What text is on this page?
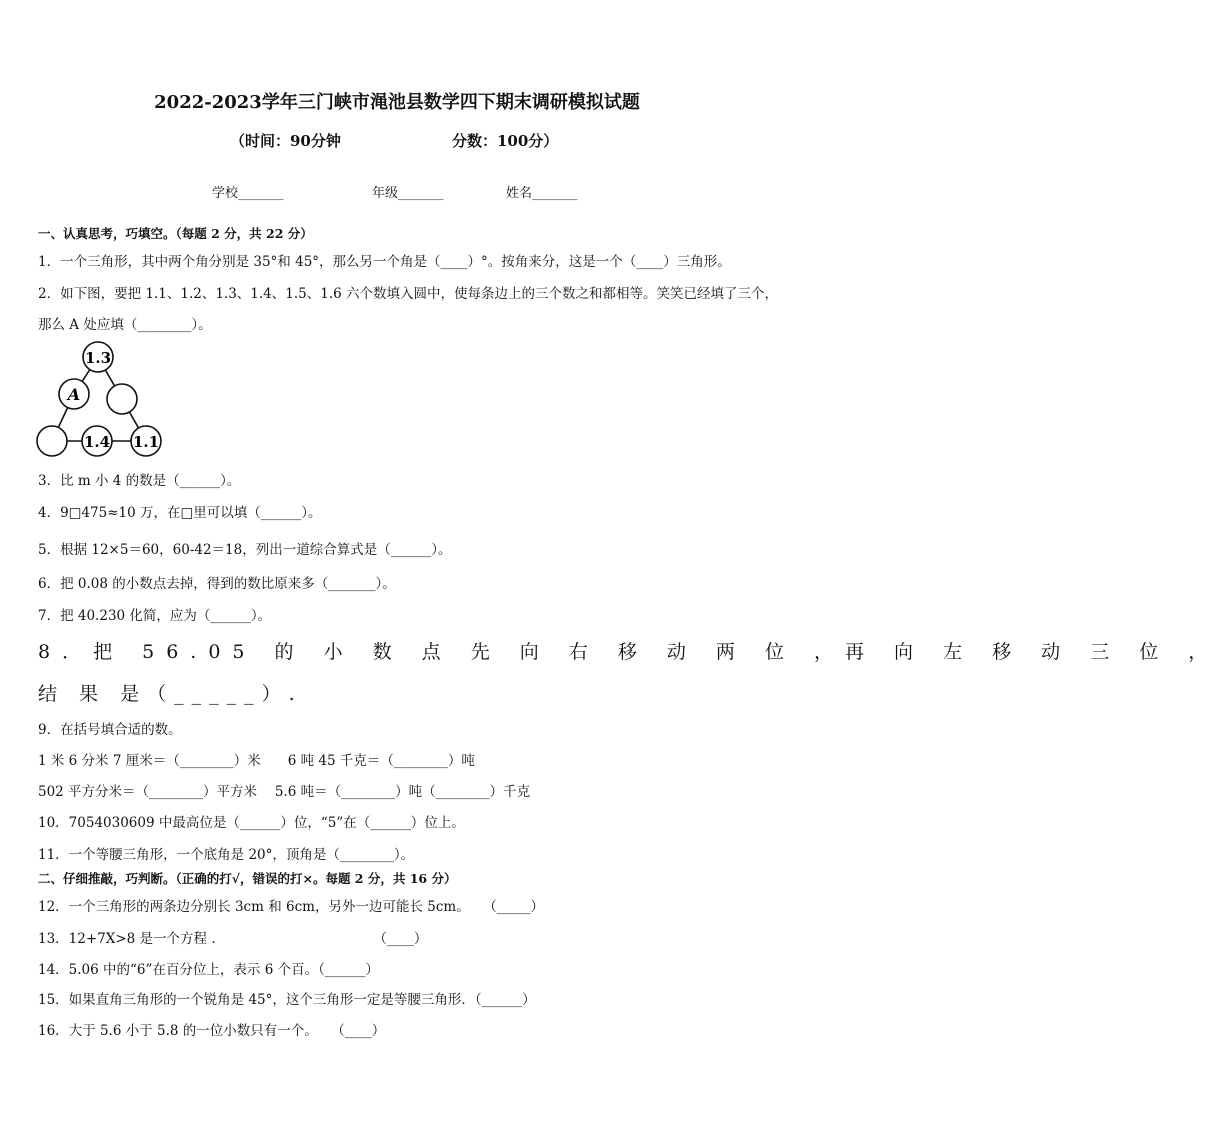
2022-2023学年三门峡市渑池县数学四下期末调研模拟试题
（时间：90分钟	分数：100分）
学校_______	年级_______	姓名_______
一、认真思考，巧填空。（每题 2 分，共 22 分）
1．一个三角形，其中两个角分别是 35°和 45°，那么另一个角是（____）°。按角来分，这是一个（____）三角形。
2．如下图，要把 1.1、1.2、1.3、1.4、1.5、1.6 六个数填入圆中，使每条边上的三个数之和都相等。笑笑已经填了三个，
那么 A 处应填（________）。
1.3
A
1.4 1.1
3．比 m 小 4 的数是（______）。
4．9□475≈10 万，在□里可以填（______）。
5．根据 12×5＝60，60-42＝18，列出一道综合算式是（______）。
6．把 0.08 的小数点去掉，得到的数比原来多（_______）。
7．把 40.230 化简，应为（______）。
8．把 56.05 的 小 数 点 先 向 右 移 动 两 位 ，再 向 左 移 动 三 位 ，
结 果 是（_____）.
9．在括号填合适的数。
1 米 6 分米 7 厘米＝（________）米　　6 吨 45 千克＝（________）吨
502 平方分米＝（________）平方米　 5.6 吨＝（________）吨（________）千克
10．7054030609 中最高位是（______）位，“5”在（______）位上。
11．一个等腰三角形，一个底角是 20°，顶角是（________）。
二、仔细推敲，巧判断。（正确的打√，错误的打×。每题 2 分，共 16 分）
12．一个三角形的两条边分别长 3cm 和 6cm，另外一边可能长 5cm。　　（_____）
13．12+7X>8 是一个方程 ．　　　　　　　　　　　　（____）
14．5.06 中的“6”在百分位上，表示 6 个百。（______）
15．如果直角三角形的一个锐角是 45°，这个三角形一定是等腰三角形．（______）
16．大于 5.6 小于 5.8 的一位小数只有一个。　　（____）
